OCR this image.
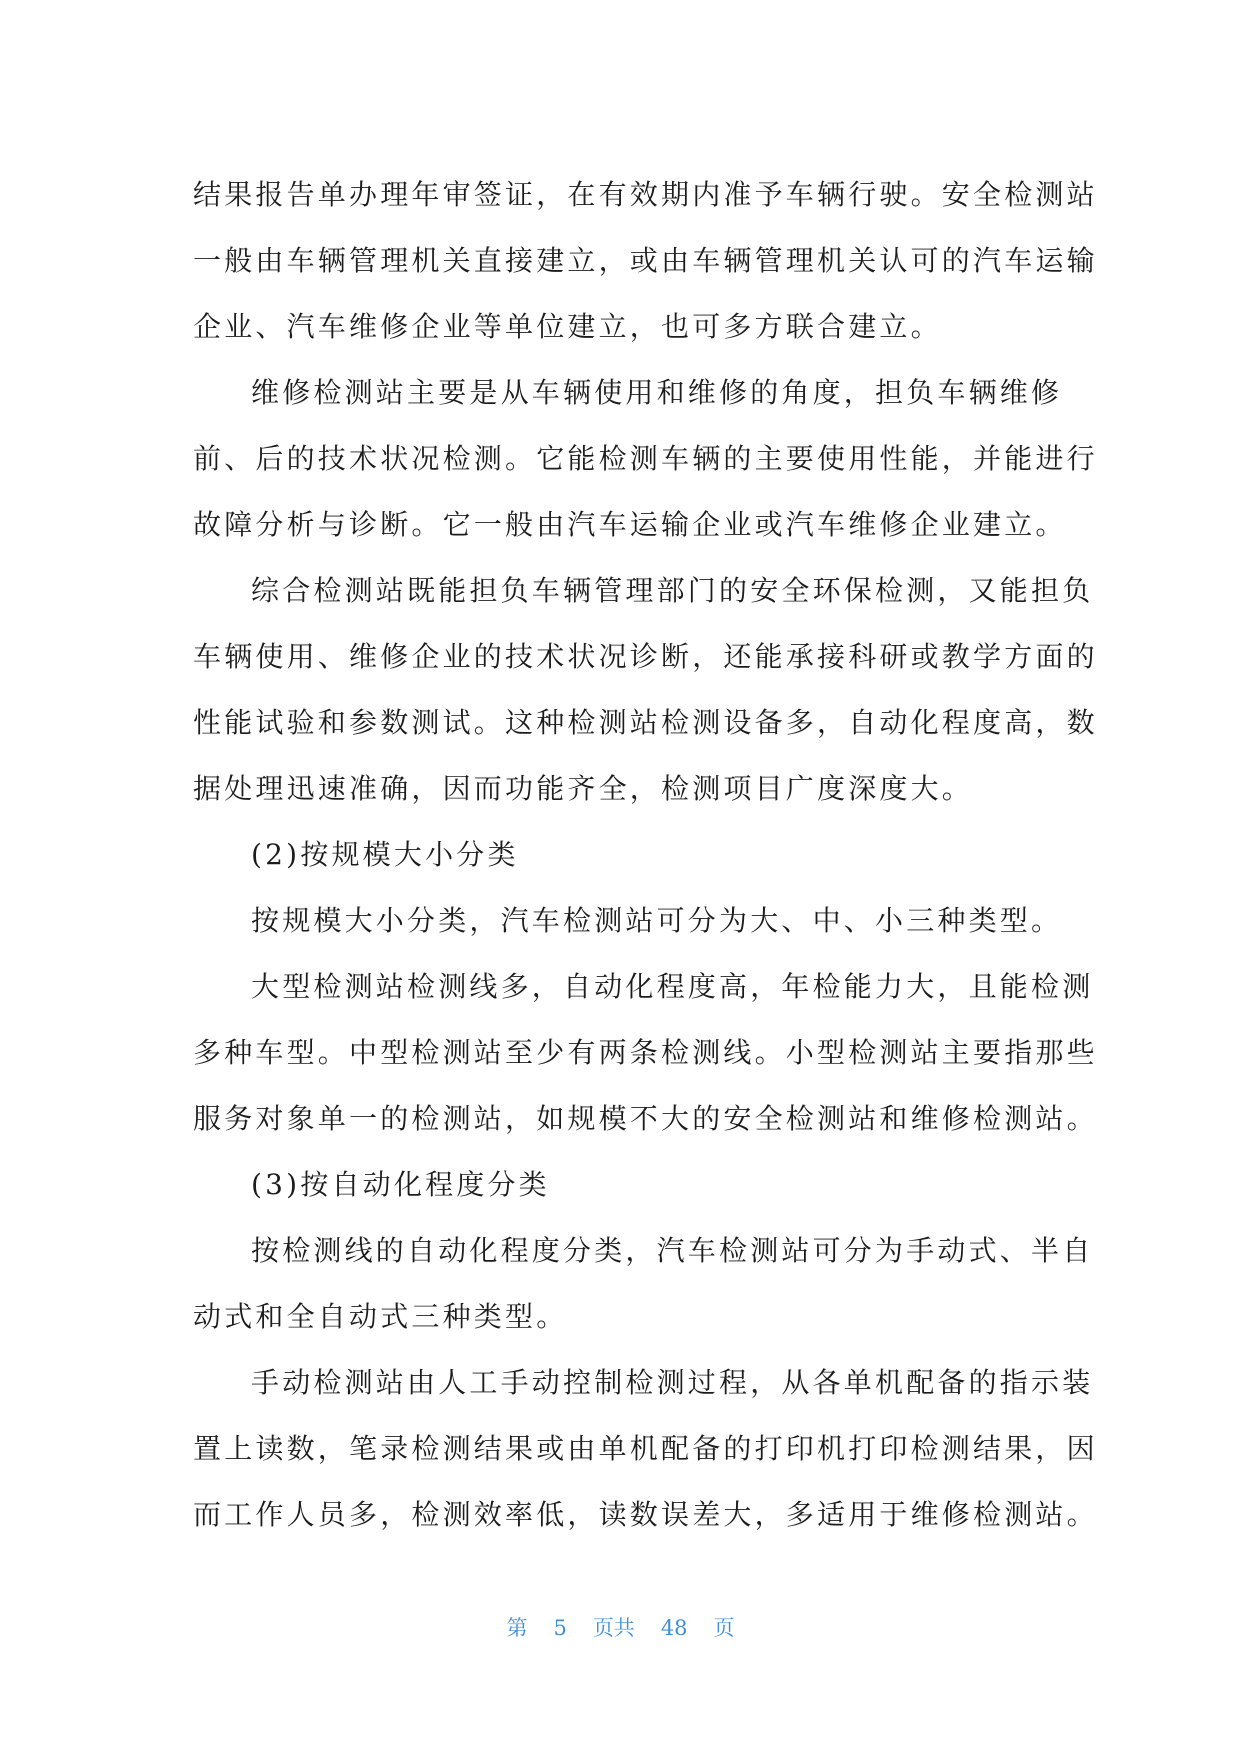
结果报告单办理年审签证，在有效期内准予车辆行驶。安全检测站
一般由车辆管理机关直接建立，或由车辆管理机关认可的汽车运输
企业、汽车维修企业等单位建立，也可多方联合建立。
维修检测站主要是从车辆使用和维修的角度，担负车辆维修
前、后的技术状况检测。它能检测车辆的主要使用性能，并能进行
故障分析与诊断。它一般由汽车运输企业或汽车维修企业建立。
综合检测站既能担负车辆管理部门的安全环保检测，又能担负
车辆使用、维修企业的技术状况诊断，还能承接科研或教学方面的
性能试验和参数测试。这种检测站检测设备多，自动化程度高，数
据处理迅速准确，因而功能齐全，检测项目广度深度大。
(2)按规模大小分类
按规模大小分类，汽车检测站可分为大、中、小三种类型。
大型检测站检测线多，自动化程度高，年检能力大，且能检测
多种车型。中型检测站至少有两条检测线。小型检测站主要指那些
服务对象单一的检测站，如规模不大的安全检测站和维修检测站。
(3)按自动化程度分类
按检测线的自动化程度分类，汽车检测站可分为手动式、半自
动式和全自动式三种类型。
手动检测站由人工手动控制检测过程，从各单机配备的指示装
置上读数，笔录检测结果或由单机配备的打印机打印检测结果，因
而工作人员多，检测效率低，读数误差大，多适用于维修检测站。
第 5 页共 48 页
